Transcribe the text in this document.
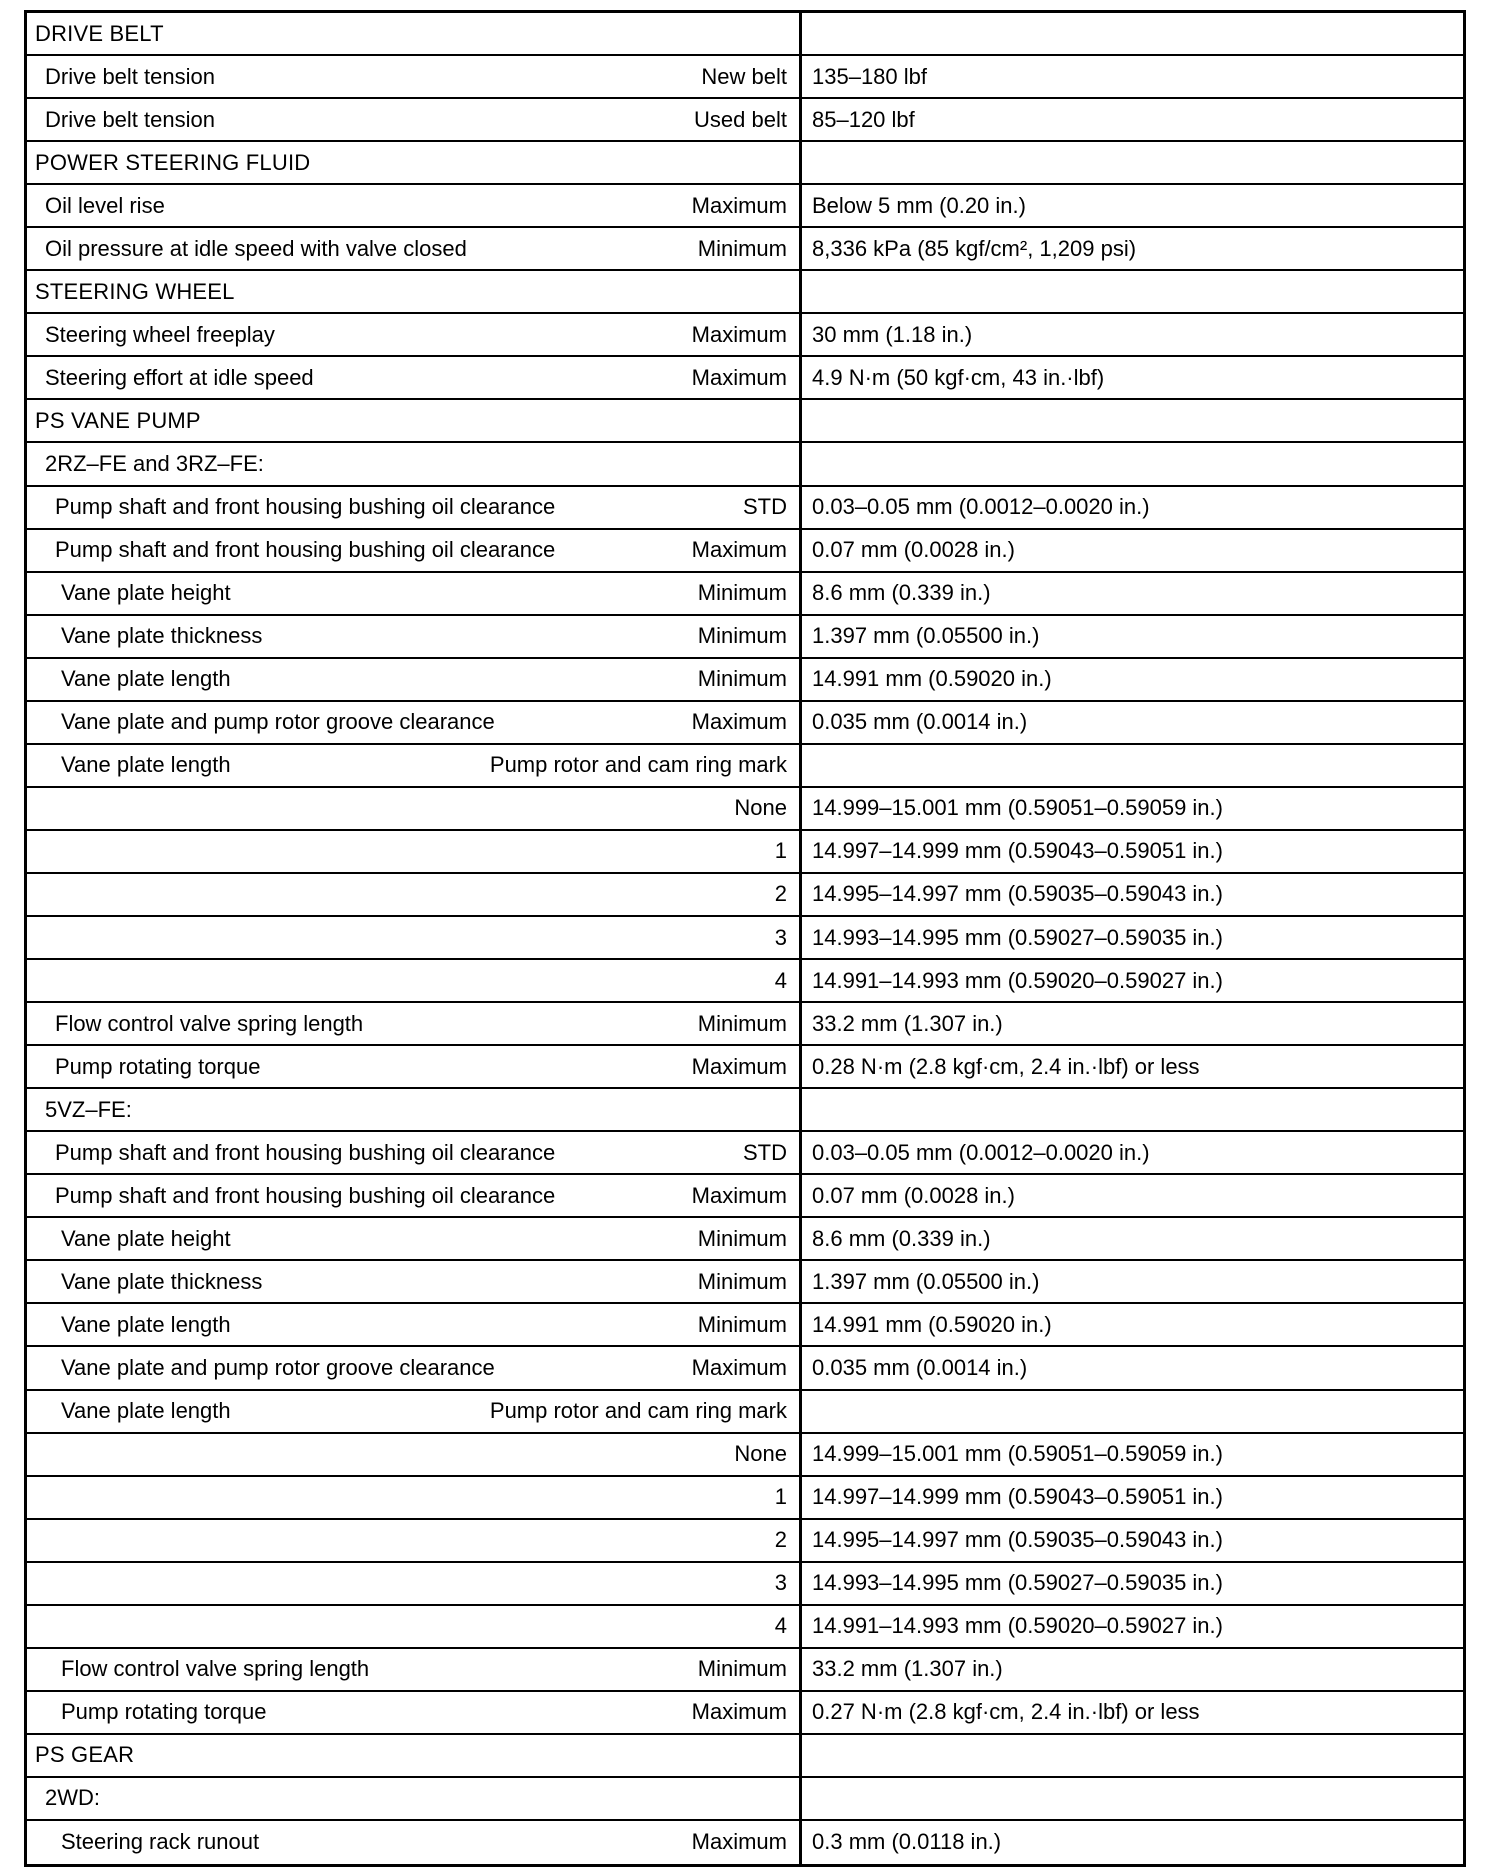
DRIVE BELT
Drive belt tension	New belt	135–180 lbf
Drive belt tension	Used belt	85–120 lbf
POWER STEERING FLUID
Oil level rise	Maximum	Below 5 mm (0.20 in.)
Oil pressure at idle speed with valve closed	Minimum	8,336 kPa (85 kgf/cm², 1,209 psi)
STEERING WHEEL
Steering wheel freeplay	Maximum	30 mm (1.18 in.)
Steering effort at idle speed	Maximum	4.9 N·m (50 kgf·cm, 43 in.·lbf)
PS VANE PUMP
2RZ–FE and 3RZ–FE:
Pump shaft and front housing bushing oil clearance	STD	0.03–0.05 mm (0.0012–0.0020 in.)
Pump shaft and front housing bushing oil clearance	Maximum	0.07 mm (0.0028 in.)
Vane plate height	Minimum	8.6 mm (0.339 in.)
Vane plate thickness	Minimum	1.397 mm (0.05500 in.)
Vane plate length	Minimum	14.991 mm (0.59020 in.)
Vane plate and pump rotor groove clearance	Maximum	0.035 mm (0.0014 in.)
Vane plate length	Pump rotor and cam ring mark
None	14.999–15.001 mm (0.59051–0.59059 in.)
1	14.997–14.999 mm (0.59043–0.59051 in.)
2	14.995–14.997 mm (0.59035–0.59043 in.)
3	14.993–14.995 mm (0.59027–0.59035 in.)
4	14.991–14.993 mm (0.59020–0.59027 in.)
Flow control valve spring length	Minimum	33.2 mm (1.307 in.)
Pump rotating torque	Maximum	0.28 N·m (2.8 kgf·cm, 2.4 in.·lbf) or less
5VZ–FE:
Pump shaft and front housing bushing oil clearance	STD	0.03–0.05 mm (0.0012–0.0020 in.)
Pump shaft and front housing bushing oil clearance	Maximum	0.07 mm (0.0028 in.)
Vane plate height	Minimum	8.6 mm (0.339 in.)
Vane plate thickness	Minimum	1.397 mm (0.05500 in.)
Vane plate length	Minimum	14.991 mm (0.59020 in.)
Vane plate and pump rotor groove clearance	Maximum	0.035 mm (0.0014 in.)
Vane plate length	Pump rotor and cam ring mark
None	14.999–15.001 mm (0.59051–0.59059 in.)
1	14.997–14.999 mm (0.59043–0.59051 in.)
2	14.995–14.997 mm (0.59035–0.59043 in.)
3	14.993–14.995 mm (0.59027–0.59035 in.)
4	14.991–14.993 mm (0.59020–0.59027 in.)
Flow control valve spring length	Minimum	33.2 mm (1.307 in.)
Pump rotating torque	Maximum	0.27 N·m (2.8 kgf·cm, 2.4 in.·lbf) or less
PS GEAR
2WD:
Steering rack runout	Maximum	0.3 mm (0.0118 in.)
